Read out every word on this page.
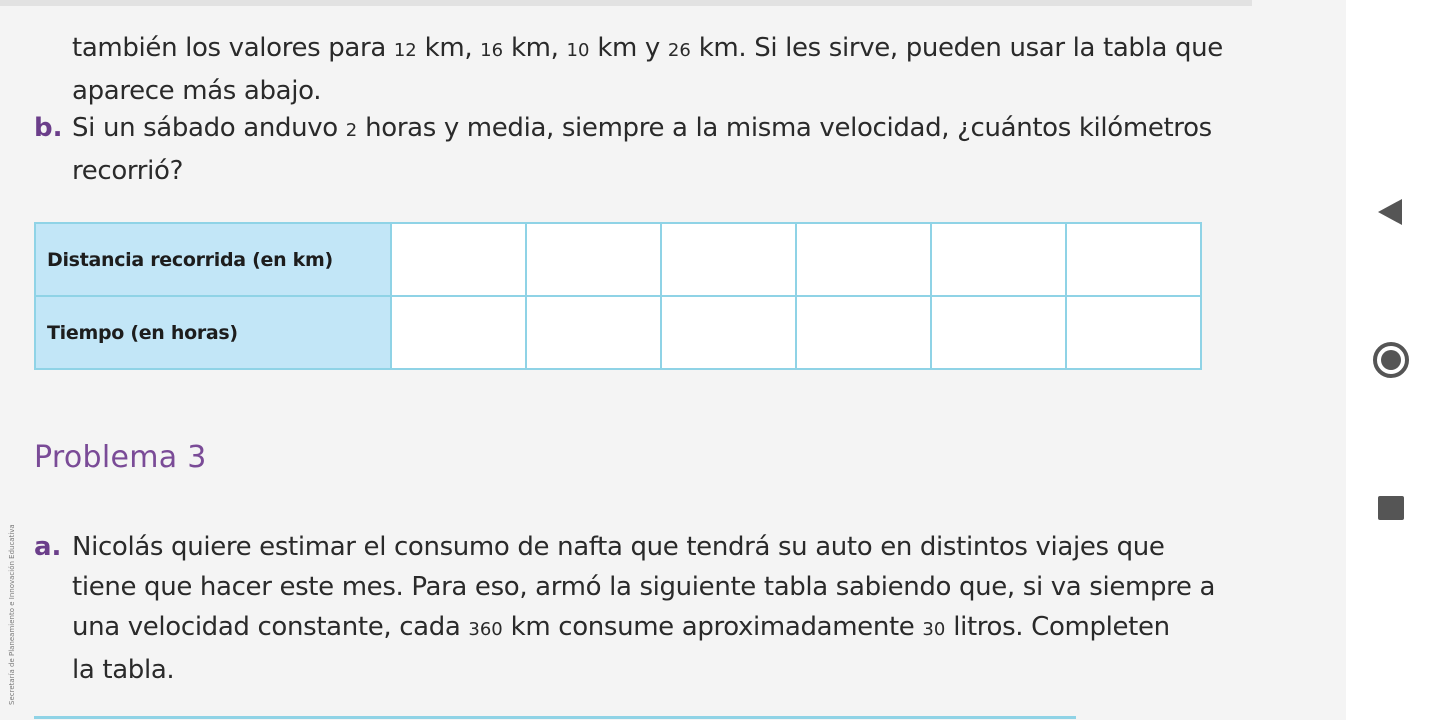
también los valores para 12 km, 16 km, 10 km y 26 km. Si les sirve, pueden usar la tabla que
aparece más abajo.
b. Si un sábado anduvo 2 horas y media, siempre a la misma velocidad, ¿cuántos kilómetros
recorrió?
Distancia recorrida (en km)						
Tiempo (en horas)						
Problema 3
a. Nicolás quiere estimar el consumo de nafta que tendrá su auto en distintos viajes que
tiene que hacer este mes. Para eso, armó la siguiente tabla sabiendo que, si va siempre a
una velocidad constante, cada 360 km consume aproximadamente 30 litros. Completen
la tabla.
Secretaría de Planeamiento e Innovación Educativa
